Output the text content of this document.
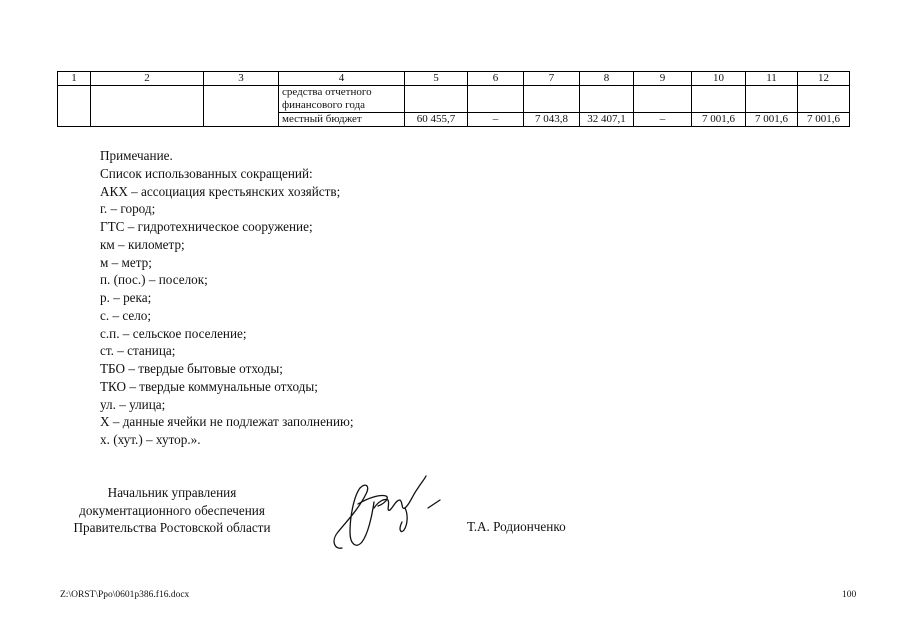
1	2	3	4	5	6	7	8	9	10	11	12

			средства отчетного
финансового года								

			местный бюджет	60 455,7	–	7 043,8	32 407,1	–	7 001,6	7 001,6	7 001,6
Примечание.
Список использованных сокращений:
АКХ – ассоциация крестьянских хозяйств;
г. – город;
ГТС – гидротехническое сооружение;
км – километр;
м – метр;
п. (пос.) – поселок;
р. – река;
с. – село;
с.п. – сельское поселение;
ст. – станица;
ТБО – твердые бытовые отходы;
ТКО – твердые коммунальные отходы;
ул. – улица;
Х – данные ячейки не подлежат заполнению;
х. (хут.) – хутор.».
Начальник управления
документационного обеспечения
Правительства Ростовской области	Т.А. Родионченко
Z:\ORST\Ppo\0601p386.f16.docx	100
